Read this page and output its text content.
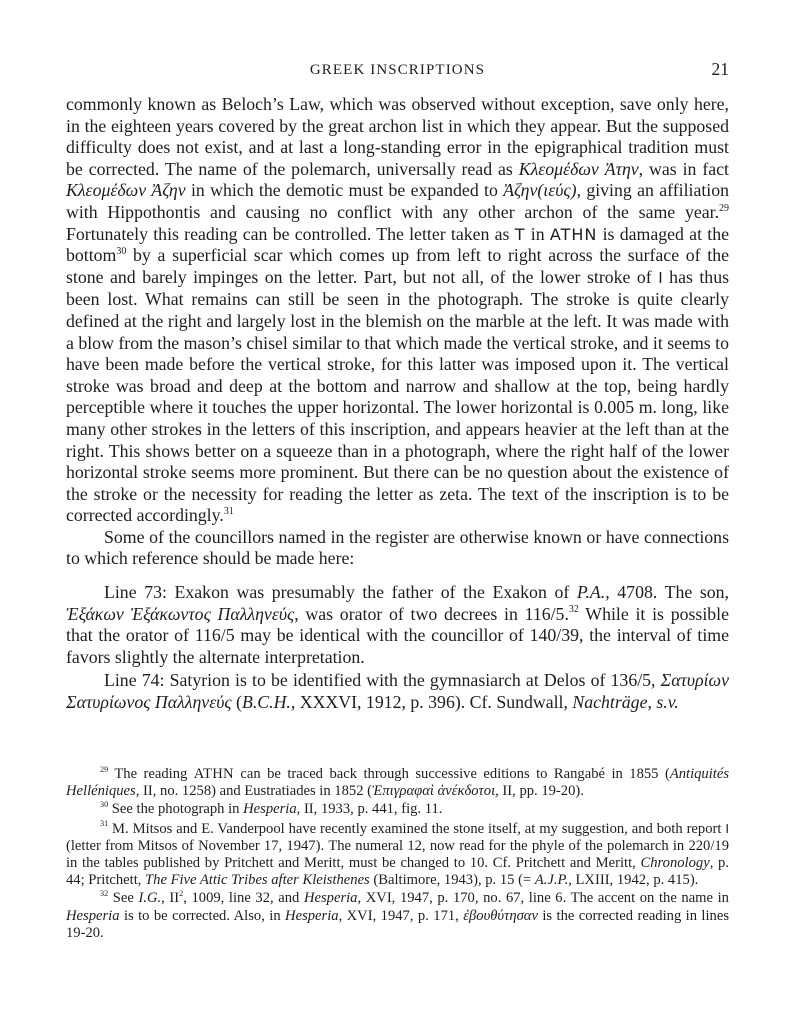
GREEK INSCRIPTIONS	21

commonly known as Beloch’s Law, which was observed without exception, save only here, in the eighteen years covered by the great archon list in which they appear. But the supposed difficulty does not exist, and at last a long-standing error in the epigraphical tradition must be corrected. The name of the polemarch, universally read as Κλεομέδων Ἀτην, was in fact Κλεομέδων Ἀζην in which the demotic must be expanded to Ἀζην(ιεύς), giving an affiliation with Hippothontis and causing no conflict with any other archon of the same year.$^{29}$ Fortunately this reading can be controlled. The letter taken as T in ATHN is damaged at the bottom$^{30}$ by a superficial scar which comes up from left to right across the surface of the stone and barely impinges on the letter. Part, but not all, of the lower stroke of Ι has thus been lost. What remains can still be seen in the photograph. The stroke is quite clearly defined at the right and largely lost in the blemish on the marble at the left. It was made with a blow from the mason’s chisel similar to that which made the vertical stroke, and it seems to have been made before the vertical stroke, for this latter was imposed upon it. The vertical stroke was broad and deep at the bottom and narrow and shallow at the top, being hardly perceptible where it touches the upper horizontal. The lower horizontal is 0.005 m. long, like many other strokes in the letters of this inscription, and appears heavier at the left than at the right. This shows better on a squeeze than in a photograph, where the right half of the lower horizontal stroke seems more prominent. But there can be no question about the existence of the stroke or the necessity for reading the letter as zeta. The text of the inscription is to be corrected accordingly.$^{31}$

Some of the councillors named in the register are otherwise known or have connections to which reference should be made here:

Line 73: Exakon was presumably the father of the Exakon of P.A., 4708. The son, Ἐξάκων Ἐξάκωντος Παλληνεύς, was orator of two decrees in 116/5.32 While it is possible that the orator of 116/5 may be identical with the councillor of 140/39, the interval of time favors slightly the alternate interpretation.

Line 74: Satyrion is to be identified with the gymnasiarch at Delos of 136/5, Σατυρίων Σατυρίωνος Παλληνεύς (B.C.H., XXXVI, 1912, p. 396). Cf. Sundwall, Nachträge, s.v.

$^{29}$ The reading ATHN can be traced back through successive editions to Rangabé in 1855 (Antiquités Helléniques, II, no. 1258) and Eustratiades in 1852 (Ἐπιγραφαὶ ἀνέκδοτοι, II, pp. 19-20).

$^{30}$ See the photograph in Hesperia, II, 1933, p. 441, fig. 11.

$^{31}$ M. Mitsos and E. Vanderpool have recently examined the stone itself, at my suggestion, and both report Ι (letter from Mitsos of November 17, 1947). The numeral 12, now read for the phyle of the polemarch in 220/19 in the tables published by Pritchett and Meritt, must be changed to 10. Cf. Pritchett and Meritt, Chronology, p. 44; Pritchett, The Five Attic Tribes after Kleisthenes (Baltimore, 1943), p. 15 (= A.J.P., LXIII, 1942, p. 415).

$^{32}$ See I.G., $II^2$, 1009, line 32, and Hesperia, XVI, 1947, p. 170, no. 67, line 6. The accent on the name in Hesperia is to be corrected. Also, in Hesperia, XVI, 1947, p. 171, ἐβουθύτησαν is the corrected reading in lines 19-20.
